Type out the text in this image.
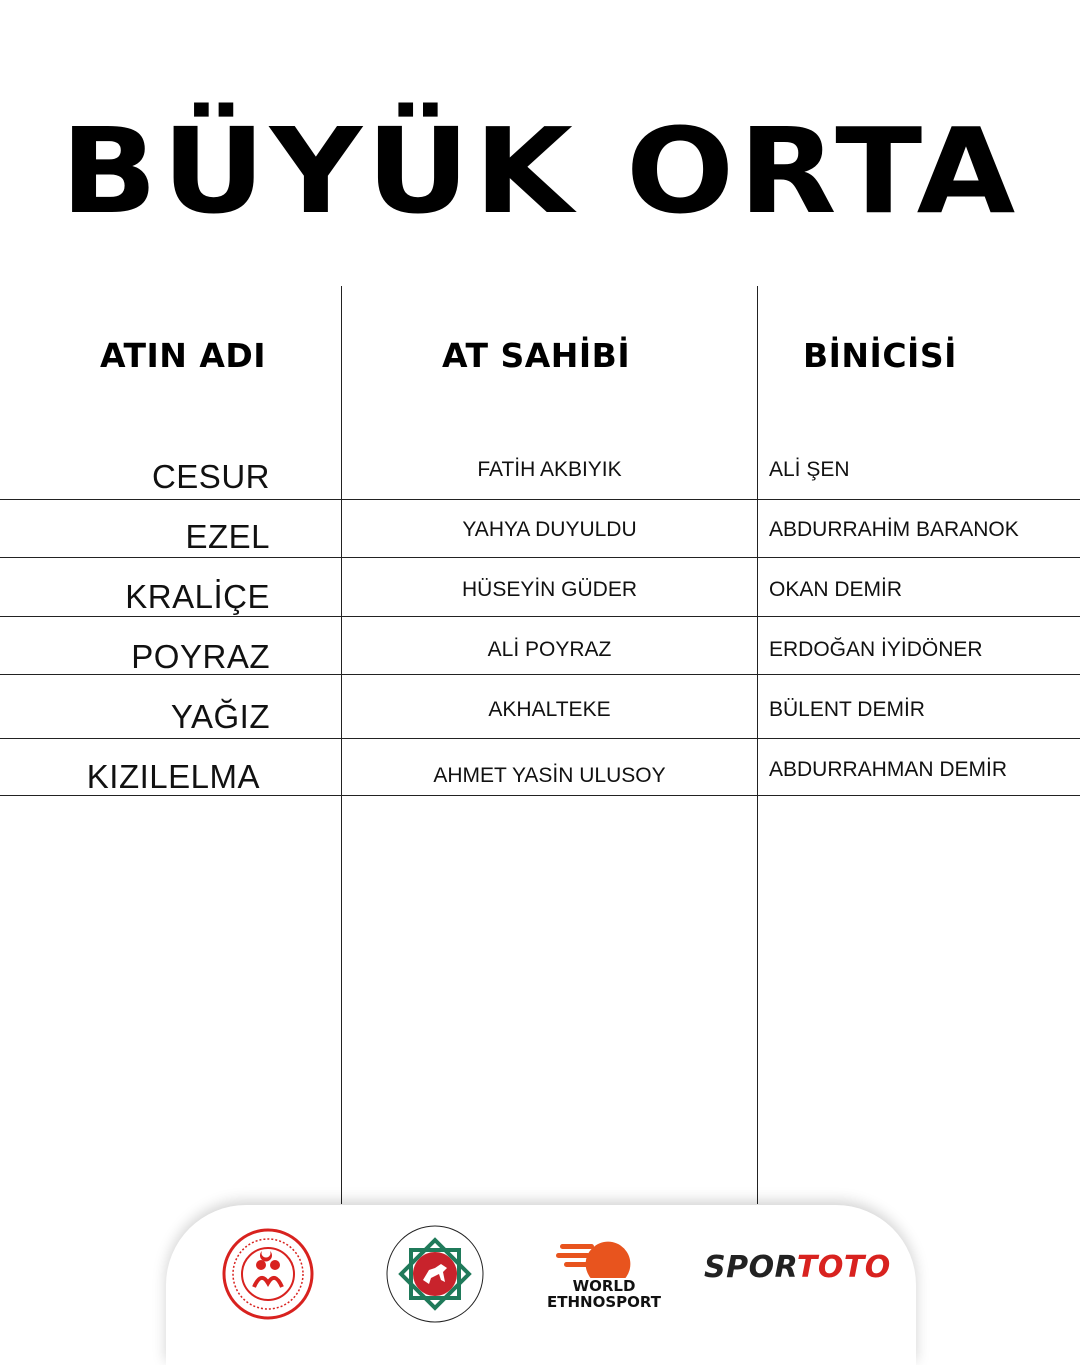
BÜYÜK ORTA
ATIN ADI	AT SAHİBİ	BİNİCİSİ
CESUR	FATİH AKBIYIK	ALİ ŞEN
EZEL	YAHYA DUYULDU	ABDURRAHİM BARANOK
KRALİÇE	HÜSEYİN GÜDER	OKAN DEMİR
POYRAZ	ALİ POYRAZ	ERDOĞAN İYİDÖNER
YAĞIZ	AKHALTEKE	BÜLENT DEMİR
KIZILELMA	AHMET YASİN ULUSOY	ABDURRAHMAN DEMİR
WORLD
ETHNOSPORT
SPORTOTO
